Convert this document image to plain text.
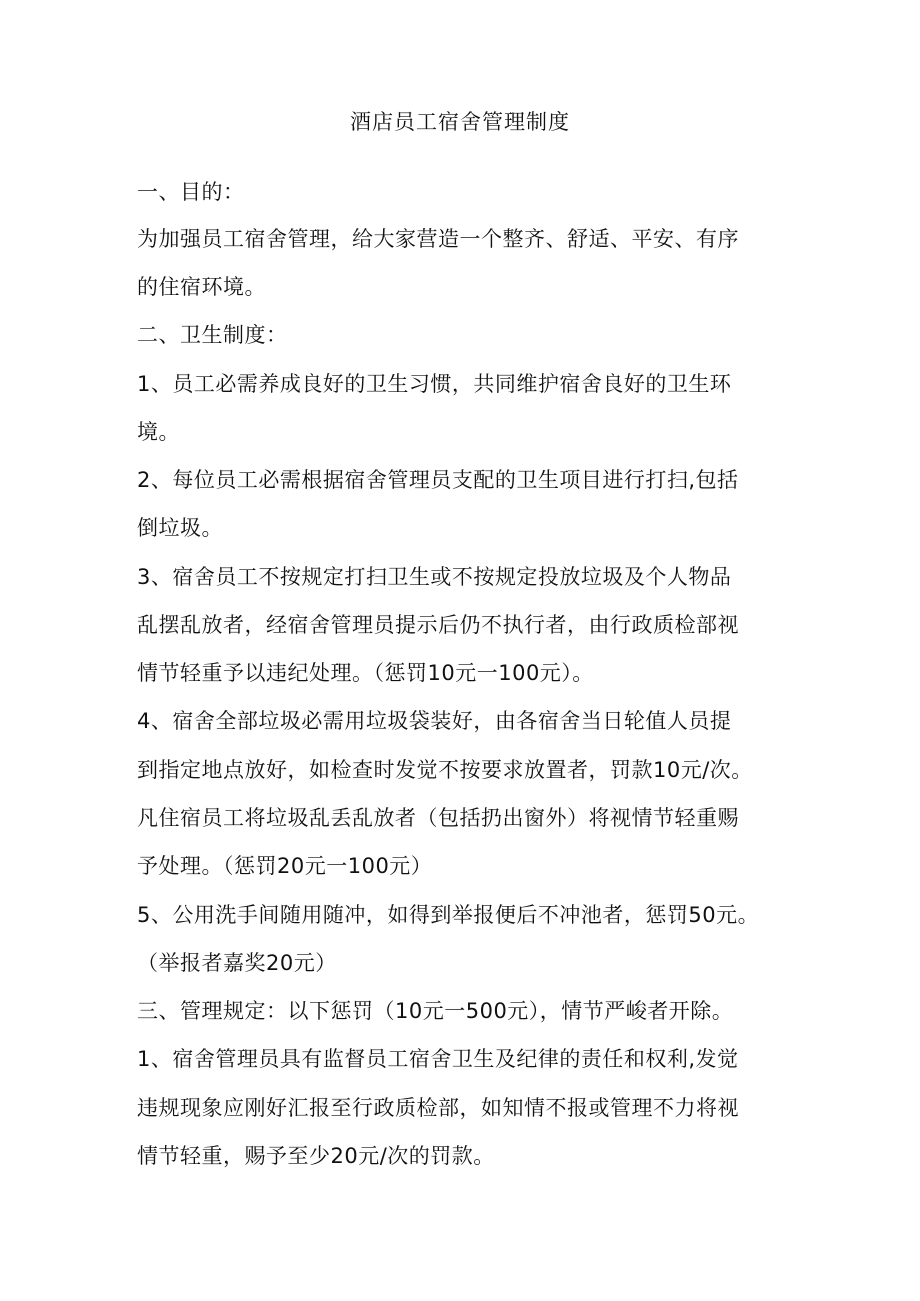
酒店员工宿舍管理制度
一、目的：
为加强员工宿舍管理，给大家营造一个整齐、舒适、平安、有序
的住宿环境。
二、卫生制度：
1、员工必需养成良好的卫生习惯，共同维护宿舍良好的卫生环
境。
2、每位员工必需根据宿舍管理员支配的卫生项目进行打扫,包括
倒垃圾。
3、宿舍员工不按规定打扫卫生或不按规定投放垃圾及个人物品
乱摆乱放者，经宿舍管理员提示后仍不执行者，由行政质检部视
情节轻重予以违纪处理。（惩罚10元一100元）。
4、宿舍全部垃圾必需用垃圾袋装好，由各宿舍当日轮值人员提
到指定地点放好，如检查时发觉不按要求放置者，罚款10元/次。
凡住宿员工将垃圾乱丢乱放者（包括扔出窗外）将视情节轻重赐
予处理。（惩罚20元一100元）
5、公用洗手间随用随冲，如得到举报便后不冲池者，惩罚50元。
（举报者嘉奖20元）
三、管理规定：以下惩罚（10元一500元），情节严峻者开除。
1、宿舍管理员具有监督员工宿舍卫生及纪律的责任和权利,发觉
违规现象应刚好汇报至行政质检部，如知情不报或管理不力将视
情节轻重，赐予至少20元/次的罚款。
